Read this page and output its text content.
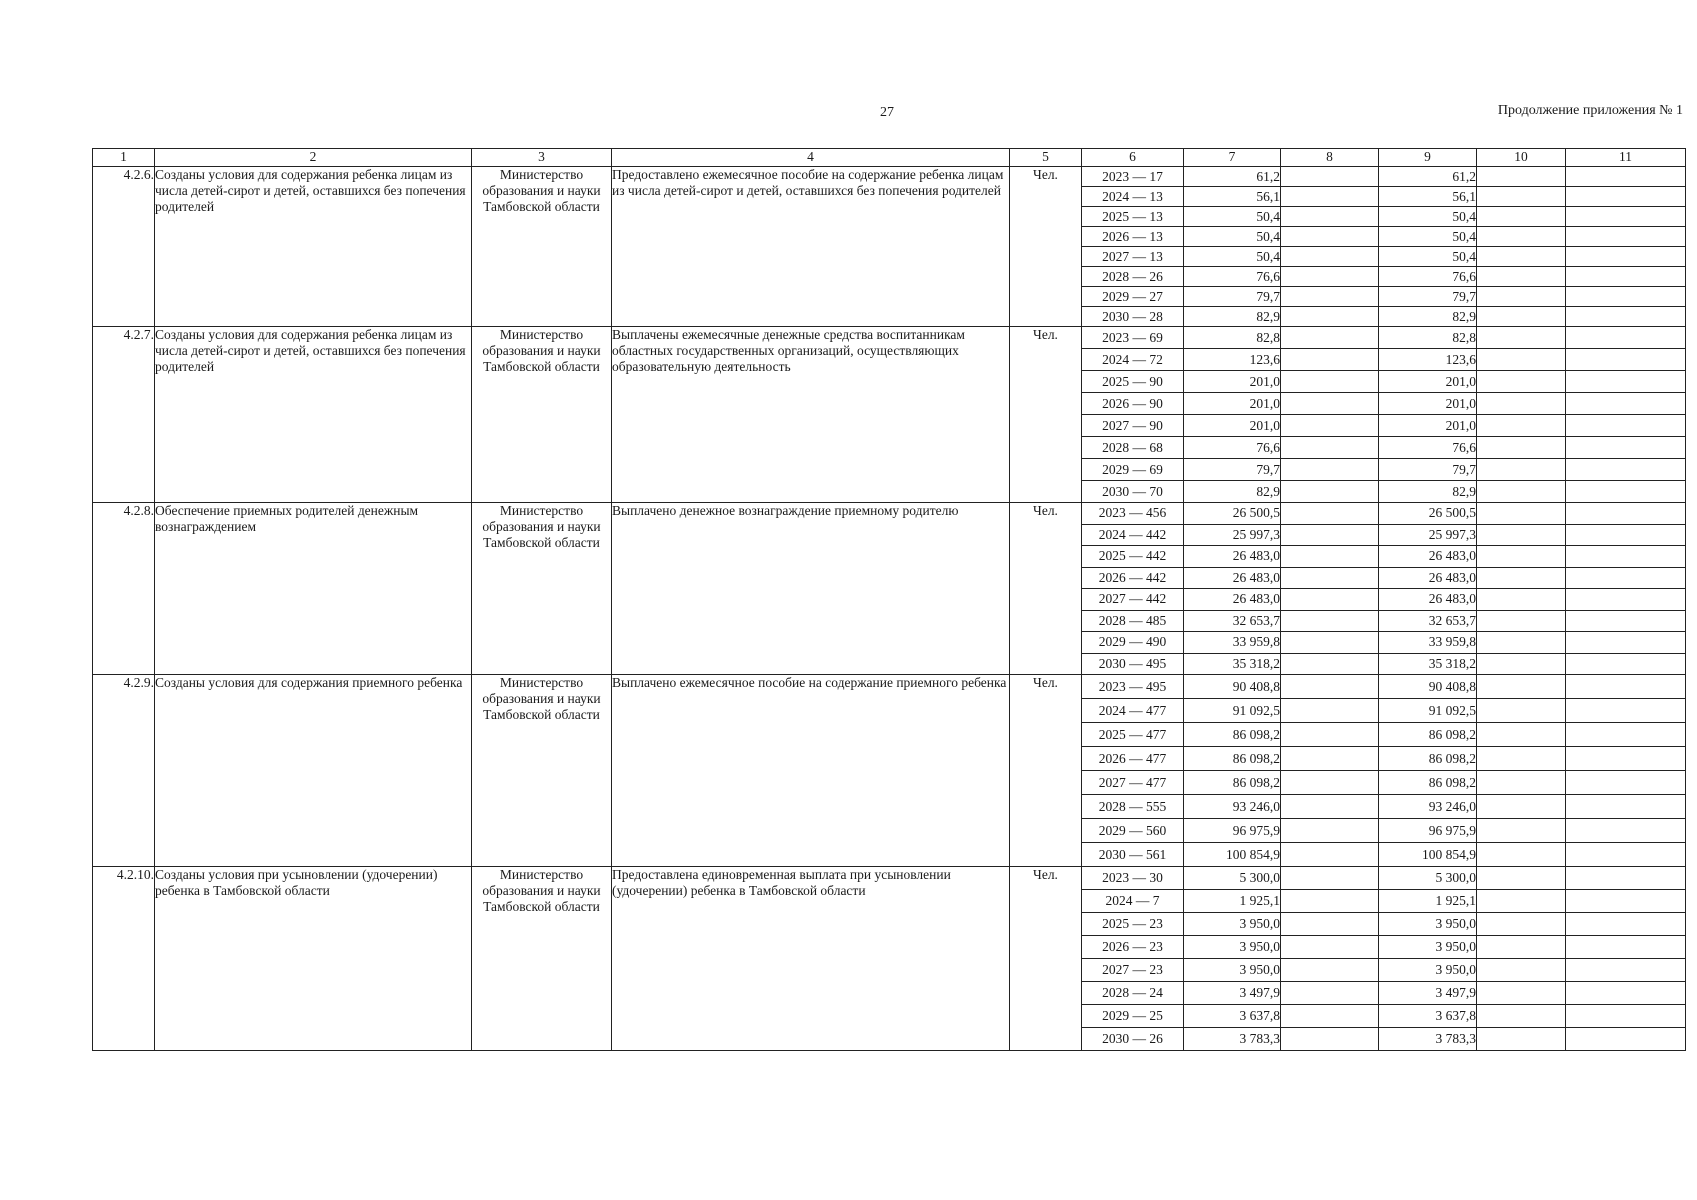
27	Продолжение приложения № 1
1	2	3	4	5	6	7	8	9	10	11
4.2.6.	Созданы условия для содержания ребенка лицам из числа детей-сирот и детей, оставшихся без попечения родителей	Министерство образования и науки Тамбовской области	Предоставлено ежемесячное пособие на содержание ребенка лицам из числа детей-сирот и детей, оставшихся без попечения родителей	Чел.	2023 — 17	61,2		61,2		
					2024 — 13	56,1		56,1		
					2025 — 13	50,4		50,4		
					2026 — 13	50,4		50,4		
					2027 — 13	50,4		50,4		
					2028 — 26	76,6		76,6		
					2029 — 27	79,7		79,7		
					2030 — 28	82,9		82,9		
4.2.7.	Созданы условия для содержания ребенка лицам из числа детей-сирот и детей, оставшихся без попечения родителей	Министерство образования и науки Тамбовской области	Выплачены ежемесячные денежные средства воспитанникам областных государственных организаций, осуществляющих образовательную деятельность	Чел.	2023 — 69	82,8		82,8		
					2024 — 72	123,6		123,6		
					2025 — 90	201,0		201,0		
					2026 — 90	201,0		201,0		
					2027 — 90	201,0		201,0		
					2028 — 68	76,6		76,6		
					2029 — 69	79,7		79,7		
					2030 — 70	82,9		82,9		
4.2.8.	Обеспечение приемных родителей денежным вознаграждением	Министерство образования и науки Тамбовской области	Выплачено денежное вознаграждение приемному родителю	Чел.	2023 — 456	26 500,5		26 500,5		
					2024 — 442	25 997,3		25 997,3		
					2025 — 442	26 483,0		26 483,0		
					2026 — 442	26 483,0		26 483,0		
					2027 — 442	26 483,0		26 483,0		
					2028 — 485	32 653,7		32 653,7		
					2029 — 490	33 959,8		33 959,8		
					2030 — 495	35 318,2		35 318,2		
4.2.9.	Созданы условия для содержания приемного ребенка	Министерство образования и науки Тамбовской области	Выплачено ежемесячное пособие на содержание приемного ребенка	Чел.	2023 — 495	90 408,8		90 408,8		
					2024 — 477	91 092,5		91 092,5		
					2025 — 477	86 098,2		86 098,2		
					2026 — 477	86 098,2		86 098,2		
					2027 — 477	86 098,2		86 098,2		
					2028 — 555	93 246,0		93 246,0		
					2029 — 560	96 975,9		96 975,9		
					2030 — 561	100 854,9		100 854,9		
4.2.10.	Созданы условия при усыновлении (удочерении) ребенка в Тамбовской области	Министерство образования и науки Тамбовской области	Предоставлена единовременная выплата при усыновлении (удочерении) ребенка в Тамбовской области	Чел.	2023 — 30	5 300,0		5 300,0		
					2024 — 7	1 925,1		1 925,1		
					2025 — 23	3 950,0		3 950,0		
					2026 — 23	3 950,0		3 950,0		
					2027 — 23	3 950,0		3 950,0		
					2028 — 24	3 497,9		3 497,9		
					2029 — 25	3 637,8		3 637,8		
					2030 — 26	3 783,3		3 783,3		
